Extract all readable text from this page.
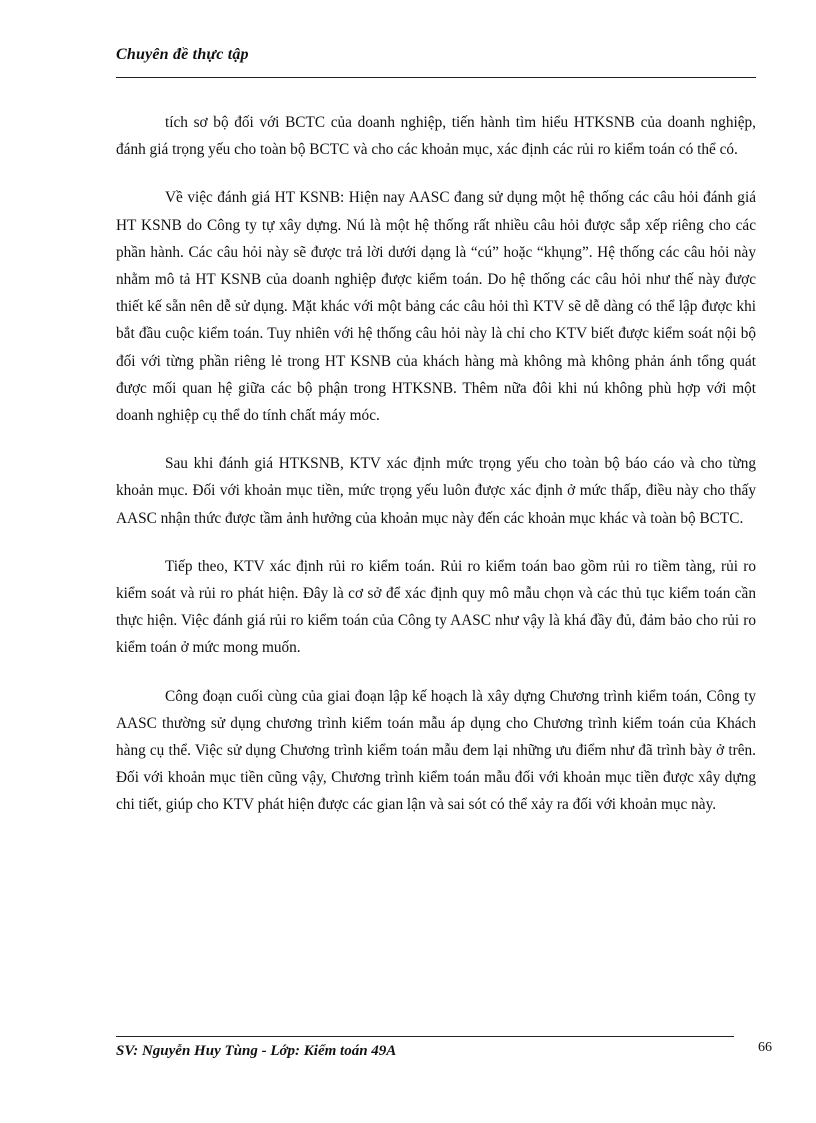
Chuyên đề thực tập

tích sơ bộ đối với BCTC của doanh nghiệp, tiến hành tìm hiểu HTKSNB của doanh nghiệp, đánh giá trọng yếu cho toàn bộ BCTC và cho các khoản mục, xác định các rủi ro kiểm toán có thể có.

Về việc đánh giá HT KSNB: Hiện nay AASC đang sử dụng một hệ thống các câu hỏi đánh giá HT KSNB do Công ty tự xây dựng. Nú là một hệ thống rất nhiều câu hỏi được sắp xếp riêng cho các phần hành. Các câu hỏi này sẽ được trả lời dưới dạng là “cú” hoặc “khụng”. Hệ thống các câu hỏi này nhằm mô tả HT KSNB của doanh nghiệp được kiểm toán. Do hệ thống các câu hỏi như thế này được thiết kế sẵn nên dễ sử dụng. Mặt khác với một bảng các câu hỏi thì KTV sẽ dễ dàng có thể lập được khi bắt đầu cuộc kiểm toán. Tuy nhiên với hệ thống câu hỏi này là chỉ cho KTV biết được kiểm soát nội bộ đối với từng phần riêng lẻ trong HT KSNB của khách hàng mà không mà không phản ánh tổng quát được mối quan hệ giữa các bộ phận trong HTKSNB. Thêm nữa đôi khi nú không phù hợp với một doanh nghiệp cụ thể do tính chất máy móc.

Sau khi đánh giá HTKSNB, KTV xác định mức trọng yếu cho toàn bộ báo cáo và cho từng khoản mục. Đối với khoản mục tiền, mức trọng yếu luôn được xác định ở mức thấp, điều này cho thấy AASC nhận thức được tầm ảnh hưởng của khoản mục này đến các khoản mục khác và toàn bộ BCTC.

Tiếp theo, KTV xác định rủi ro kiểm toán. Rủi ro kiểm toán bao gồm rủi ro tiềm tàng, rủi ro kiểm soát và rủi ro phát hiện. Đây là cơ sở để xác định quy mô mẫu chọn và các thủ tục kiểm toán cần thực hiện. Việc đánh giá rủi ro kiểm toán của Công ty AASC như vậy là khá đầy đủ, đảm bảo cho rủi ro kiểm toán ở mức mong muốn.

Công đoạn cuối cùng của giai đoạn lập kế hoạch là xây dựng Chương trình kiểm toán, Công ty AASC thường sử dụng chương trình kiểm toán mẫu áp dụng cho Chương trình kiểm toán của Khách hàng cụ thể. Việc sử dụng Chương trình kiểm toán mẫu đem lại những ưu điểm như đã trình bày ở trên. Đối với khoản mục tiền cũng vậy, Chương trình kiểm toán mẫu đối với khoản mục tiền được xây dựng chi tiết, giúp cho KTV phát hiện được các gian lận và sai sót có thể xảy ra đối với khoản mục này.

SV: Nguyễn Huy Tùng - Lớp: Kiểm toán 49A	66
